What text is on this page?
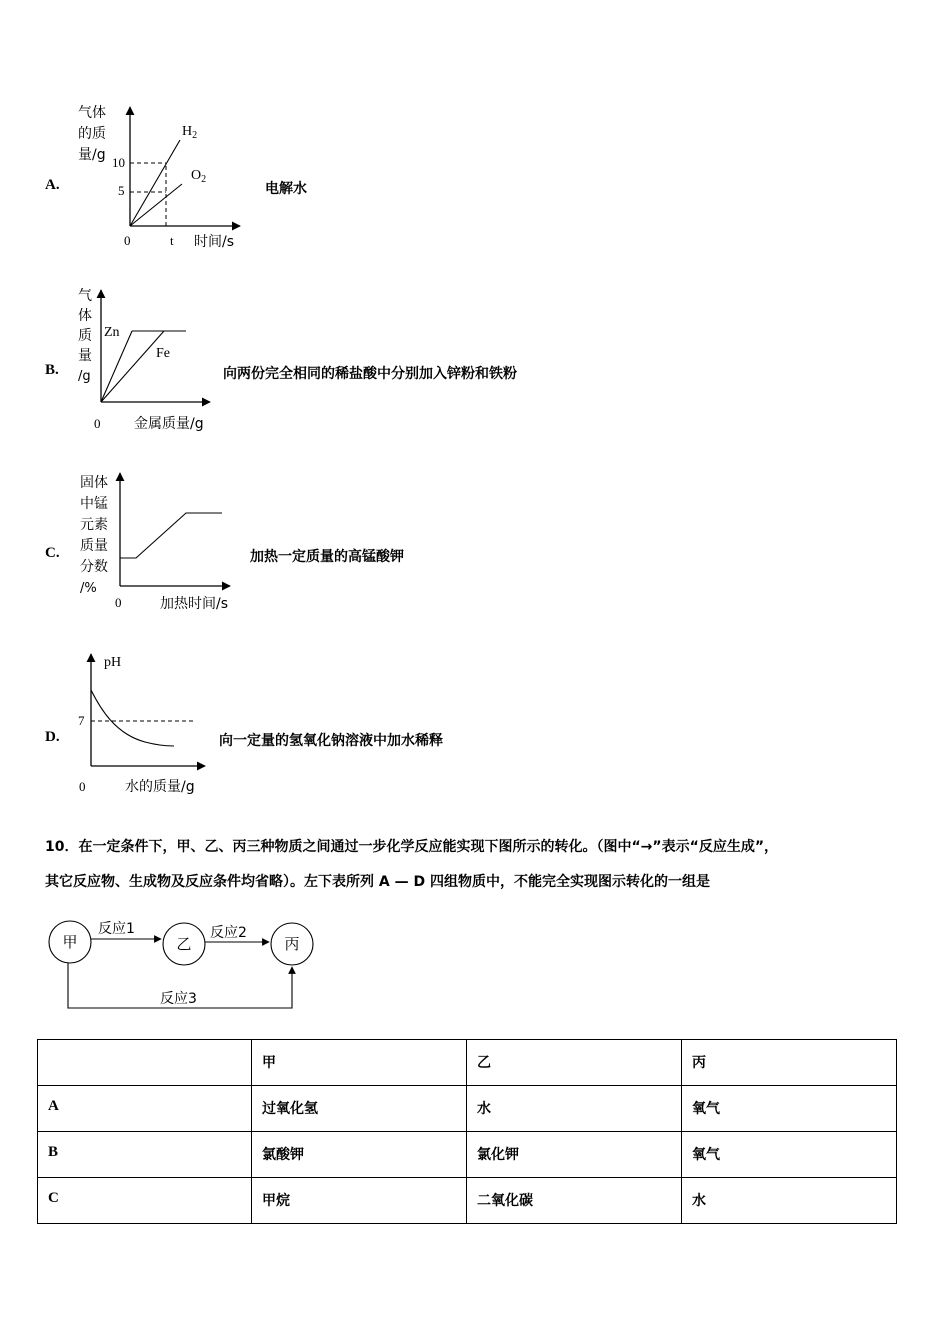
A.	电解水
气体
的质
量/g 10
5
$H_2$
$O_2$
0	t 时间/s
B.	向两份完全相同的稀盐酸中分别加入锌粉和铁粉
气
体
质
量
/g
Zn
Fe
0 金属质量/g
C.	加热一定质量的高锰酸钾
固体
中锰
元素
质量
分数
/%
0	加热时间/s
D.	向一定量的氢氧化钠溶液中加水稀释
pH
7
0	水的质量/g
10．在一定条件下，甲、乙、丙三种物质之间通过一步化学反应能实现下图所示的转化。（图中“→”表示“反应生成”，
其它反应物、生成物及反应条件均省略）。左下表所列 A — D 四组物质中，不能完全实现图示转化的一组是
甲	乙	丙
反应1	反应2
反应3
	甲	乙	丙
A	过氧化氢	水	氧气
B	氯酸钾	氯化钾	氧气
C	甲烷	二氧化碳	水
